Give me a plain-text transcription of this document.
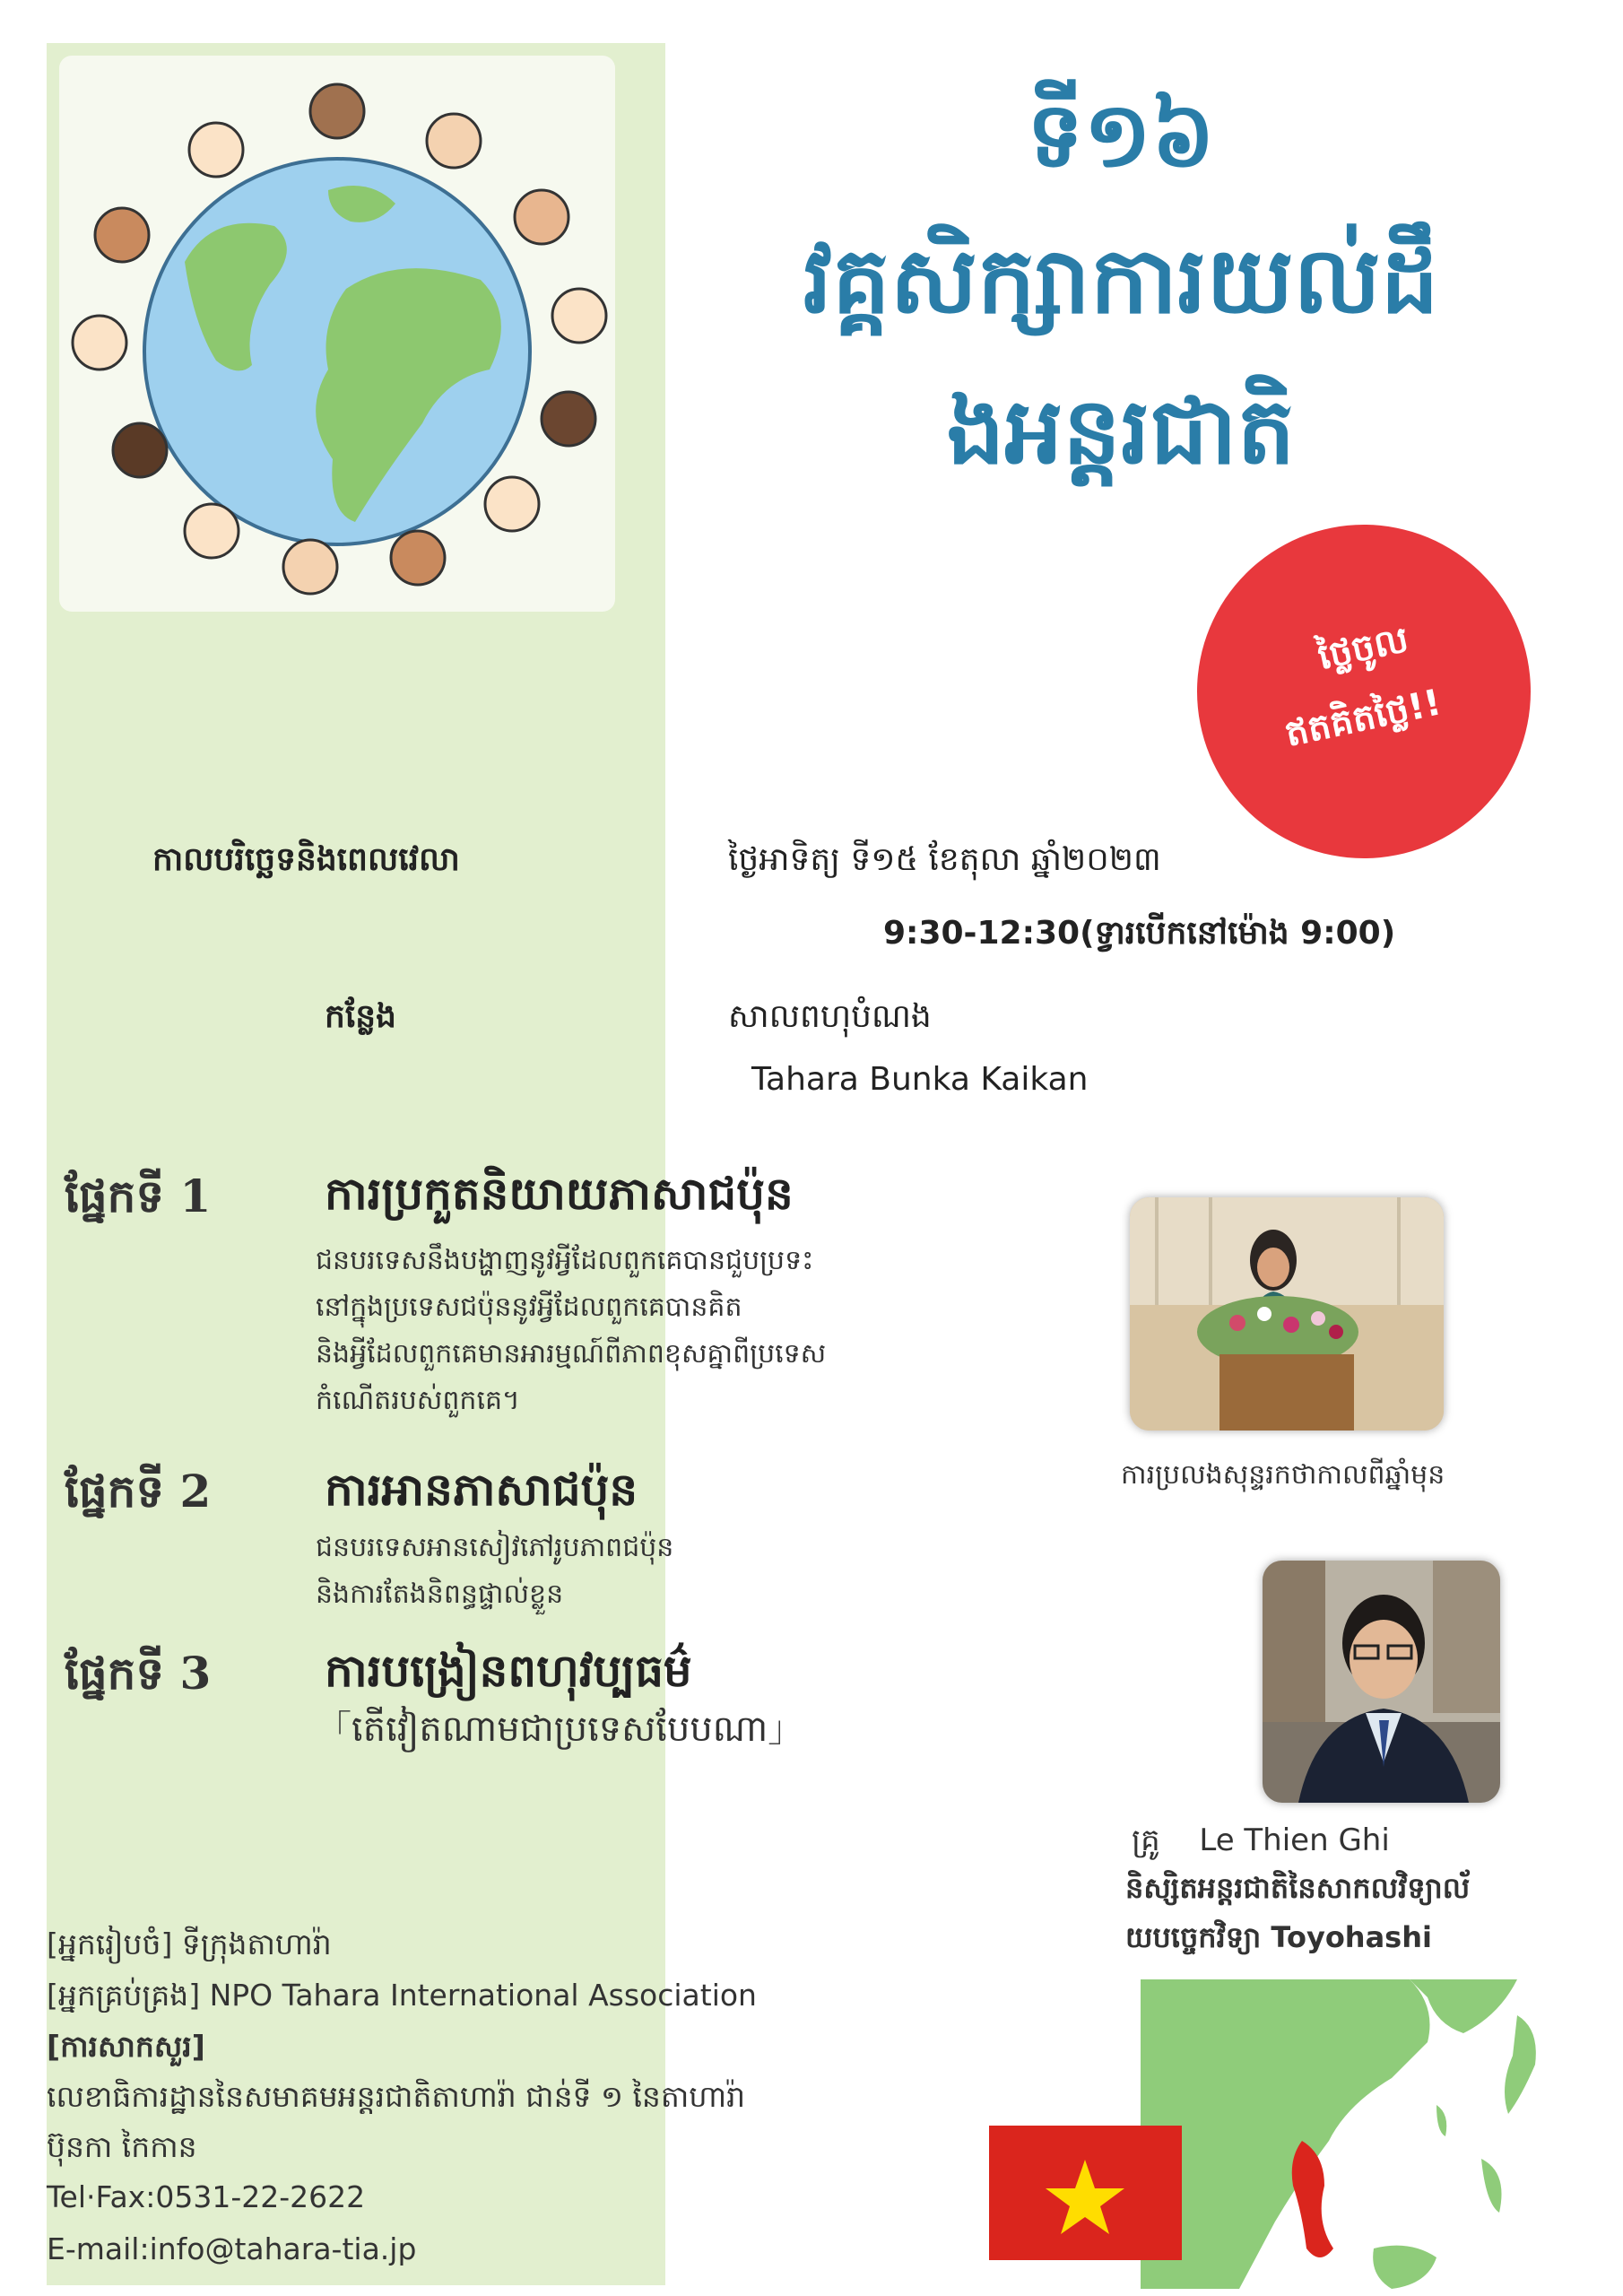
ទី១៦
វគ្គសិក្សាការយល់ដឹ
ងអន្តរជាតិ
ថ្លៃចូល
ឥតគិតថ្លៃ!!
កាលបរិច្ឆេទនិងពេលវេលា	ថ្ងៃអាទិត្យ ទី១៥ ខែតុលា ឆ្នាំ២០២៣
9:30-12:30(ទ្វារបើកនៅម៉ោង 9:00)
កន្លែង	សាលពហុបំណង
Tahara Bunka Kaikan
ផ្នែកទី 1	ការប្រកួតនិយាយភាសាជប៉ុន
ជនបរទេសនឹងបង្ហាញនូវអ្វីដែលពួកគេបានជួបប្រទះ
នៅក្នុងប្រទេសជប៉ុននូវអ្វីដែលពួកគេបានគិត
និងអ្វីដែលពួកគេមានអារម្មណ៍ពីភាពខុសគ្នាពីប្រទេស
កំណើតរបស់ពួកគេ។
ផ្នែកទី 2	ការអានភាសាជប៉ុន
ជនបរទេសអានសៀវភៅរូបភាពជប៉ុន
និងការតែងនិពន្ធផ្ទាល់ខ្លួន
ផ្នែកទី 3	ការបង្រៀនពហុវប្បធម៌
「តើវៀតណាមជាប្រទេសបែបណា」
ការប្រលងសុន្ទរកថាកាលពីឆ្នាំមុន
គ្រូ Le Thien Ghi
និស្សិតអន្តរជាតិនៃសាកលវិទ្យាល័
យបច្ចេកវិទ្យា Toyohashi
[អ្នករៀបចំ] ទីក្រុងតាហារ៉ា
[អ្នកគ្រប់គ្រង] NPO Tahara International Association
[ការសាកសួរ]
លេខាធិការដ្ឋាននៃសមាគមអន្តរជាតិតាហារ៉ា ជាន់ទី ១ នៃតាហារ៉ា
ប៊ុនកា កៃកាន
Tel·Fax:0531-22-2622
E-mail:info@tahara-tia.jp
